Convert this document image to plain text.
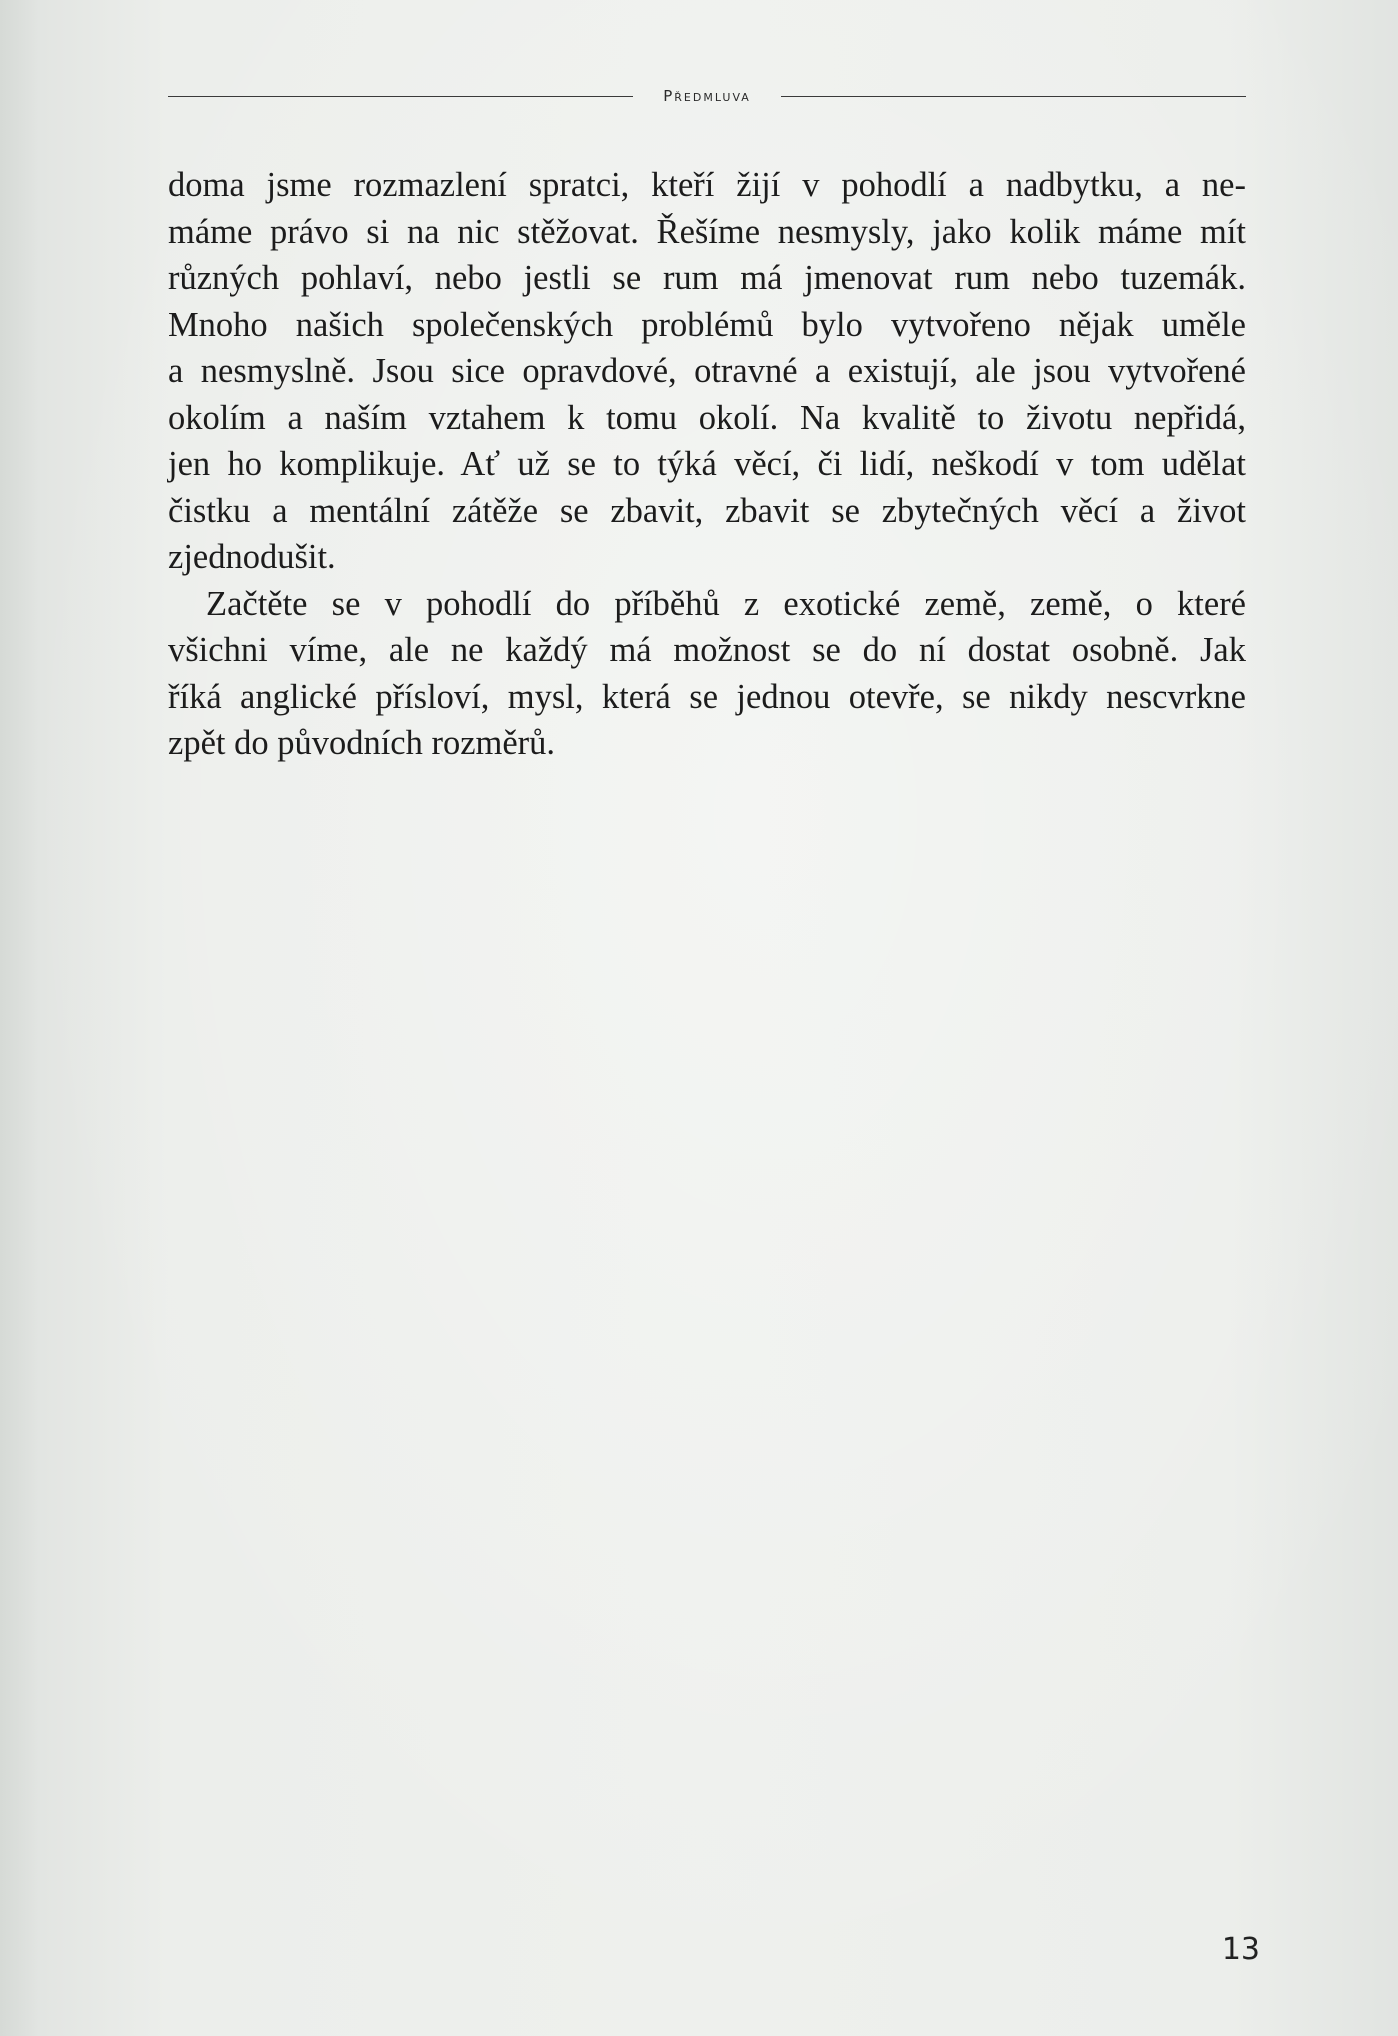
Předmluva

doma jsme rozmazlení spratci, kteří žijí v pohodlí a nadbytku, a ne-
máme právo si na nic stěžovat. Řešíme nesmysly, jako kolik máme mít
různých pohlaví, nebo jestli se rum má jmenovat rum nebo tuzemák.
Mnoho našich společenských problémů bylo vytvořeno nějak uměle
a nesmyslně. Jsou sice opravdové, otravné a existují, ale jsou vytvořené
okolím a naším vztahem k tomu okolí. Na kvalitě to životu nepřidá,
jen ho komplikuje. Ať už se to týká věcí, či lidí, neškodí v tom udělat
čistku a mentální zátěže se zbavit, zbavit se zbytečných věcí a život
zjednodušit.

Začtěte se v pohodlí do příběhů z exotické země, země, o které
všichni víme, ale ne každý má možnost se do ní dostat osobně. Jak
říká anglické přísloví, mysl, která se jednou otevře, se nikdy nescvrkne
zpět do původních rozměrů.

13
